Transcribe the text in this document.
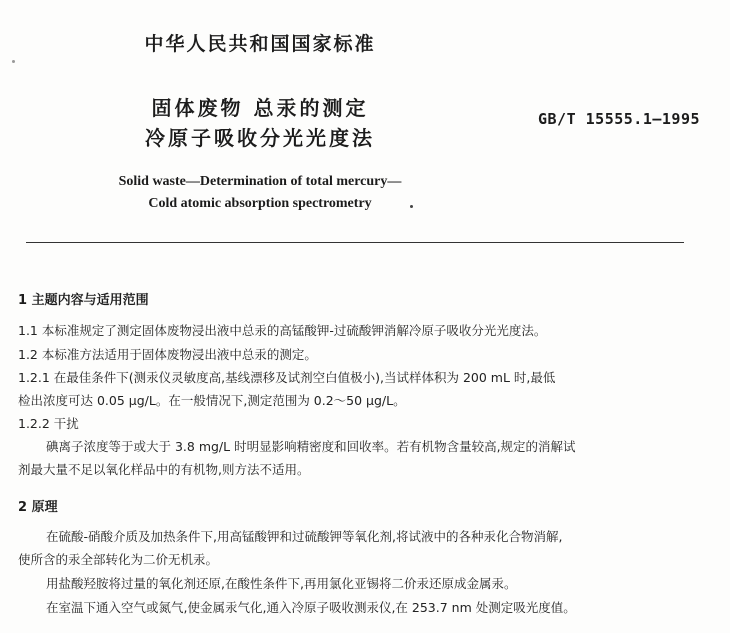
中华人民共和国国家标准
固体废物 总汞的测定
冷原子吸收分光光度法
GB/T 15555.1—1995
Solid waste—Determination of total mercury—
Cold atomic absorption spectrometry
1 主题内容与适用范围
1.1 本标准规定了测定固体废物浸出液中总汞的高锰酸钾-过硫酸钾消解冷原子吸收分光光度法。
1.2 本标准方法适用于固体废物浸出液中总汞的测定。
1.2.1 在最佳条件下(测汞仪灵敏度高,基线漂移及试剂空白值极小),当试样体积为 200 mL 时,最低
检出浓度可达 0.05 μg/L。在一般情况下,测定范围为 0.2～50 μg/L。
1.2.2 干扰
碘离子浓度等于或大于 3.8 mg/L 时明显影响精密度和回收率。若有机物含量较高,规定的消解试
剂最大量不足以氧化样品中的有机物,则方法不适用。
2 原理
在硫酸-硝酸介质及加热条件下,用高锰酸钾和过硫酸钾等氧化剂,将试液中的各种汞化合物消解,
使所含的汞全部转化为二价无机汞。
用盐酸羟胺将过量的氧化剂还原,在酸性条件下,再用氯化亚锡将二价汞还原成金属汞。
在室温下通入空气或氮气,使金属汞气化,通入冷原子吸收测汞仪,在 253.7 nm 处测定吸光度值。
